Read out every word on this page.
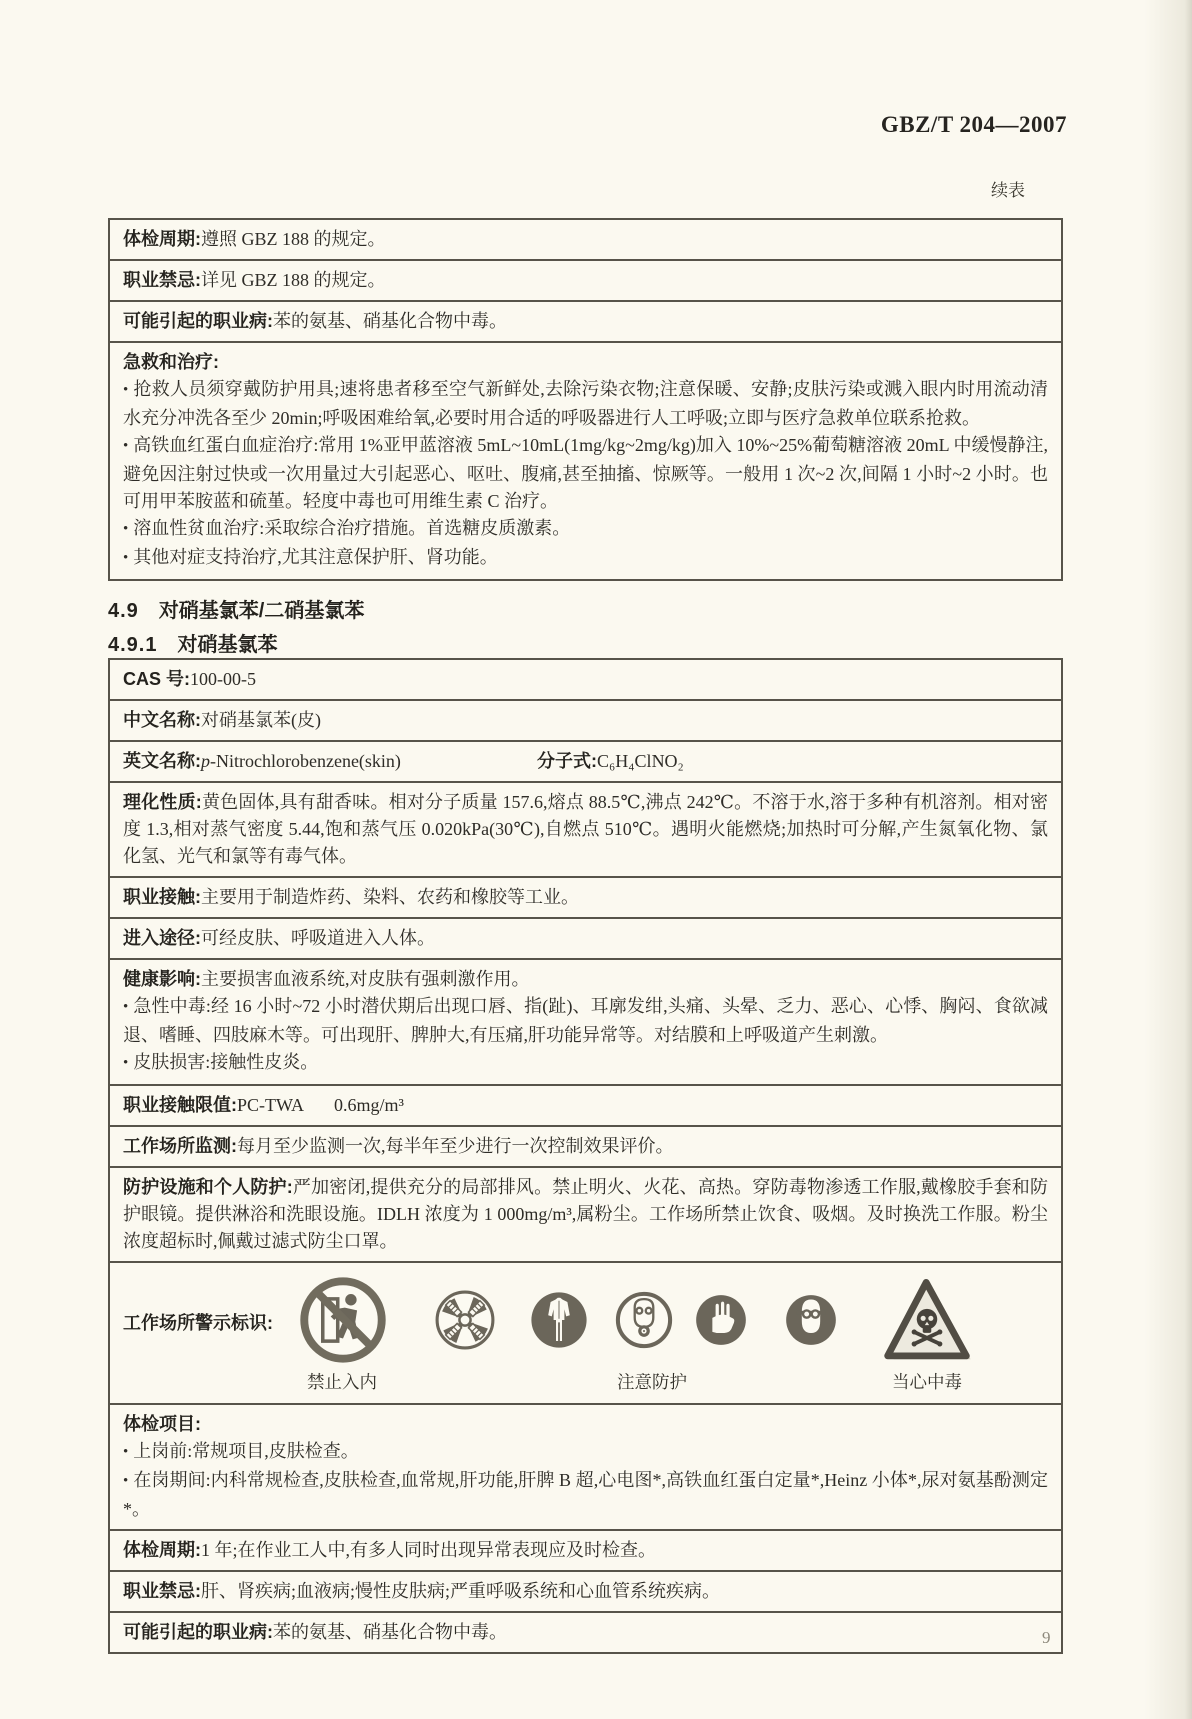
GBZ/T 204—2007
续表
体检周期:遵照 GBZ 188 的规定。
职业禁忌:详见 GBZ 188 的规定。
可能引起的职业病:苯的氨基、硝基化合物中毒。

急救和治疗:

• 抢救人员须穿戴防护用具;速将患者移至空气新鲜处,去除污染衣物;注意保暖、安静;皮肤污染或溅入眼内时用流动清水充分冲洗各至少 20min;呼吸困难给氧,必要时用合适的呼吸器进行人工呼吸;立即与医疗急救单位联系抢救。

• 高铁血红蛋白血症治疗:常用 1%亚甲蓝溶液 5mL~10mL(1mg/kg~2mg/kg)加入 10%~25%葡萄糖溶液 20mL 中缓慢静注,避免因注射过快或一次用量过大引起恶心、呕吐、腹痛,甚至抽搐、惊厥等。一般用 1 次~2 次,间隔 1 小时~2 小时。也可用甲苯胺蓝和硫堇。轻度中毒也可用维生素 C 治疗。

• 溶血性贫血治疗:采取综合治疗措施。首选糖皮质激素。

• 其他对症支持治疗,尤其注意保护肝、肾功能。

4.9 对硝基氯苯/二硝基氯苯
4.9.1 对硝基氯苯
CAS 号:100-00-5
中文名称:对硝基氯苯(皮)
英文名称:p-Nitrochlorobenzene(skin)	分子式:C₆H₄ClNO₂

理化性质:黄色固体,具有甜香味。相对分子质量 157.6,熔点 88.5℃,沸点 242℃。不溶于水,溶于多种有机溶剂。相对密度 1.3,相对蒸气密度 5.44,饱和蒸气压 0.020kPa(30℃),自燃点 510℃。遇明火能燃烧;加热时可分解,产生氮氧化物、氯化氢、光气和氯等有毒气体。

职业接触:主要用于制造炸药、染料、农药和橡胶等工业。
进入途径:可经皮肤、呼吸道进入人体。

健康影响:主要损害血液系统,对皮肤有强刺激作用。

• 急性中毒:经 16 小时~72 小时潜伏期后出现口唇、指(趾)、耳廓发绀,头痛、头晕、乏力、恶心、心悸、胸闷、食欲减退、嗜睡、四肢麻木等。可出现肝、脾肿大,有压痛,肝功能异常等。对结膜和上呼吸道产生刺激。

• 皮肤损害:接触性皮炎。

职业接触限值:PC-TWA 0.6mg/m³
工作场所监测:每月至少监测一次,每半年至少进行一次控制效果评价。

防护设施和个人防护:严加密闭,提供充分的局部排风。禁止明火、火花、高热。穿防毒物渗透工作服,戴橡胶手套和防护眼镜。提供淋浴和洗眼设施。IDLH 浓度为 1 000mg/m³,属粉尘。工作场所禁止饮食、吸烟。及时换洗工作服。粉尘浓度超标时,佩戴过滤式防尘口罩。

工作场所警示标识:
禁止入内	注意防护	当心中毒

体检项目:

• 上岗前:常规项目,皮肤检查。

• 在岗期间:内科常规检查,皮肤检查,血常规,肝功能,肝脾 B 超,心电图*,高铁血红蛋白定量*,Heinz 小体*,尿对氨基酚测定*。

体检周期:1 年;在作业工人中,有多人同时出现异常表现应及时检查。
职业禁忌:肝、肾疾病;血液病;慢性皮肤病;严重呼吸系统和心血管系统疾病。
可能引起的职业病:苯的氨基、硝基化合物中毒。	9
